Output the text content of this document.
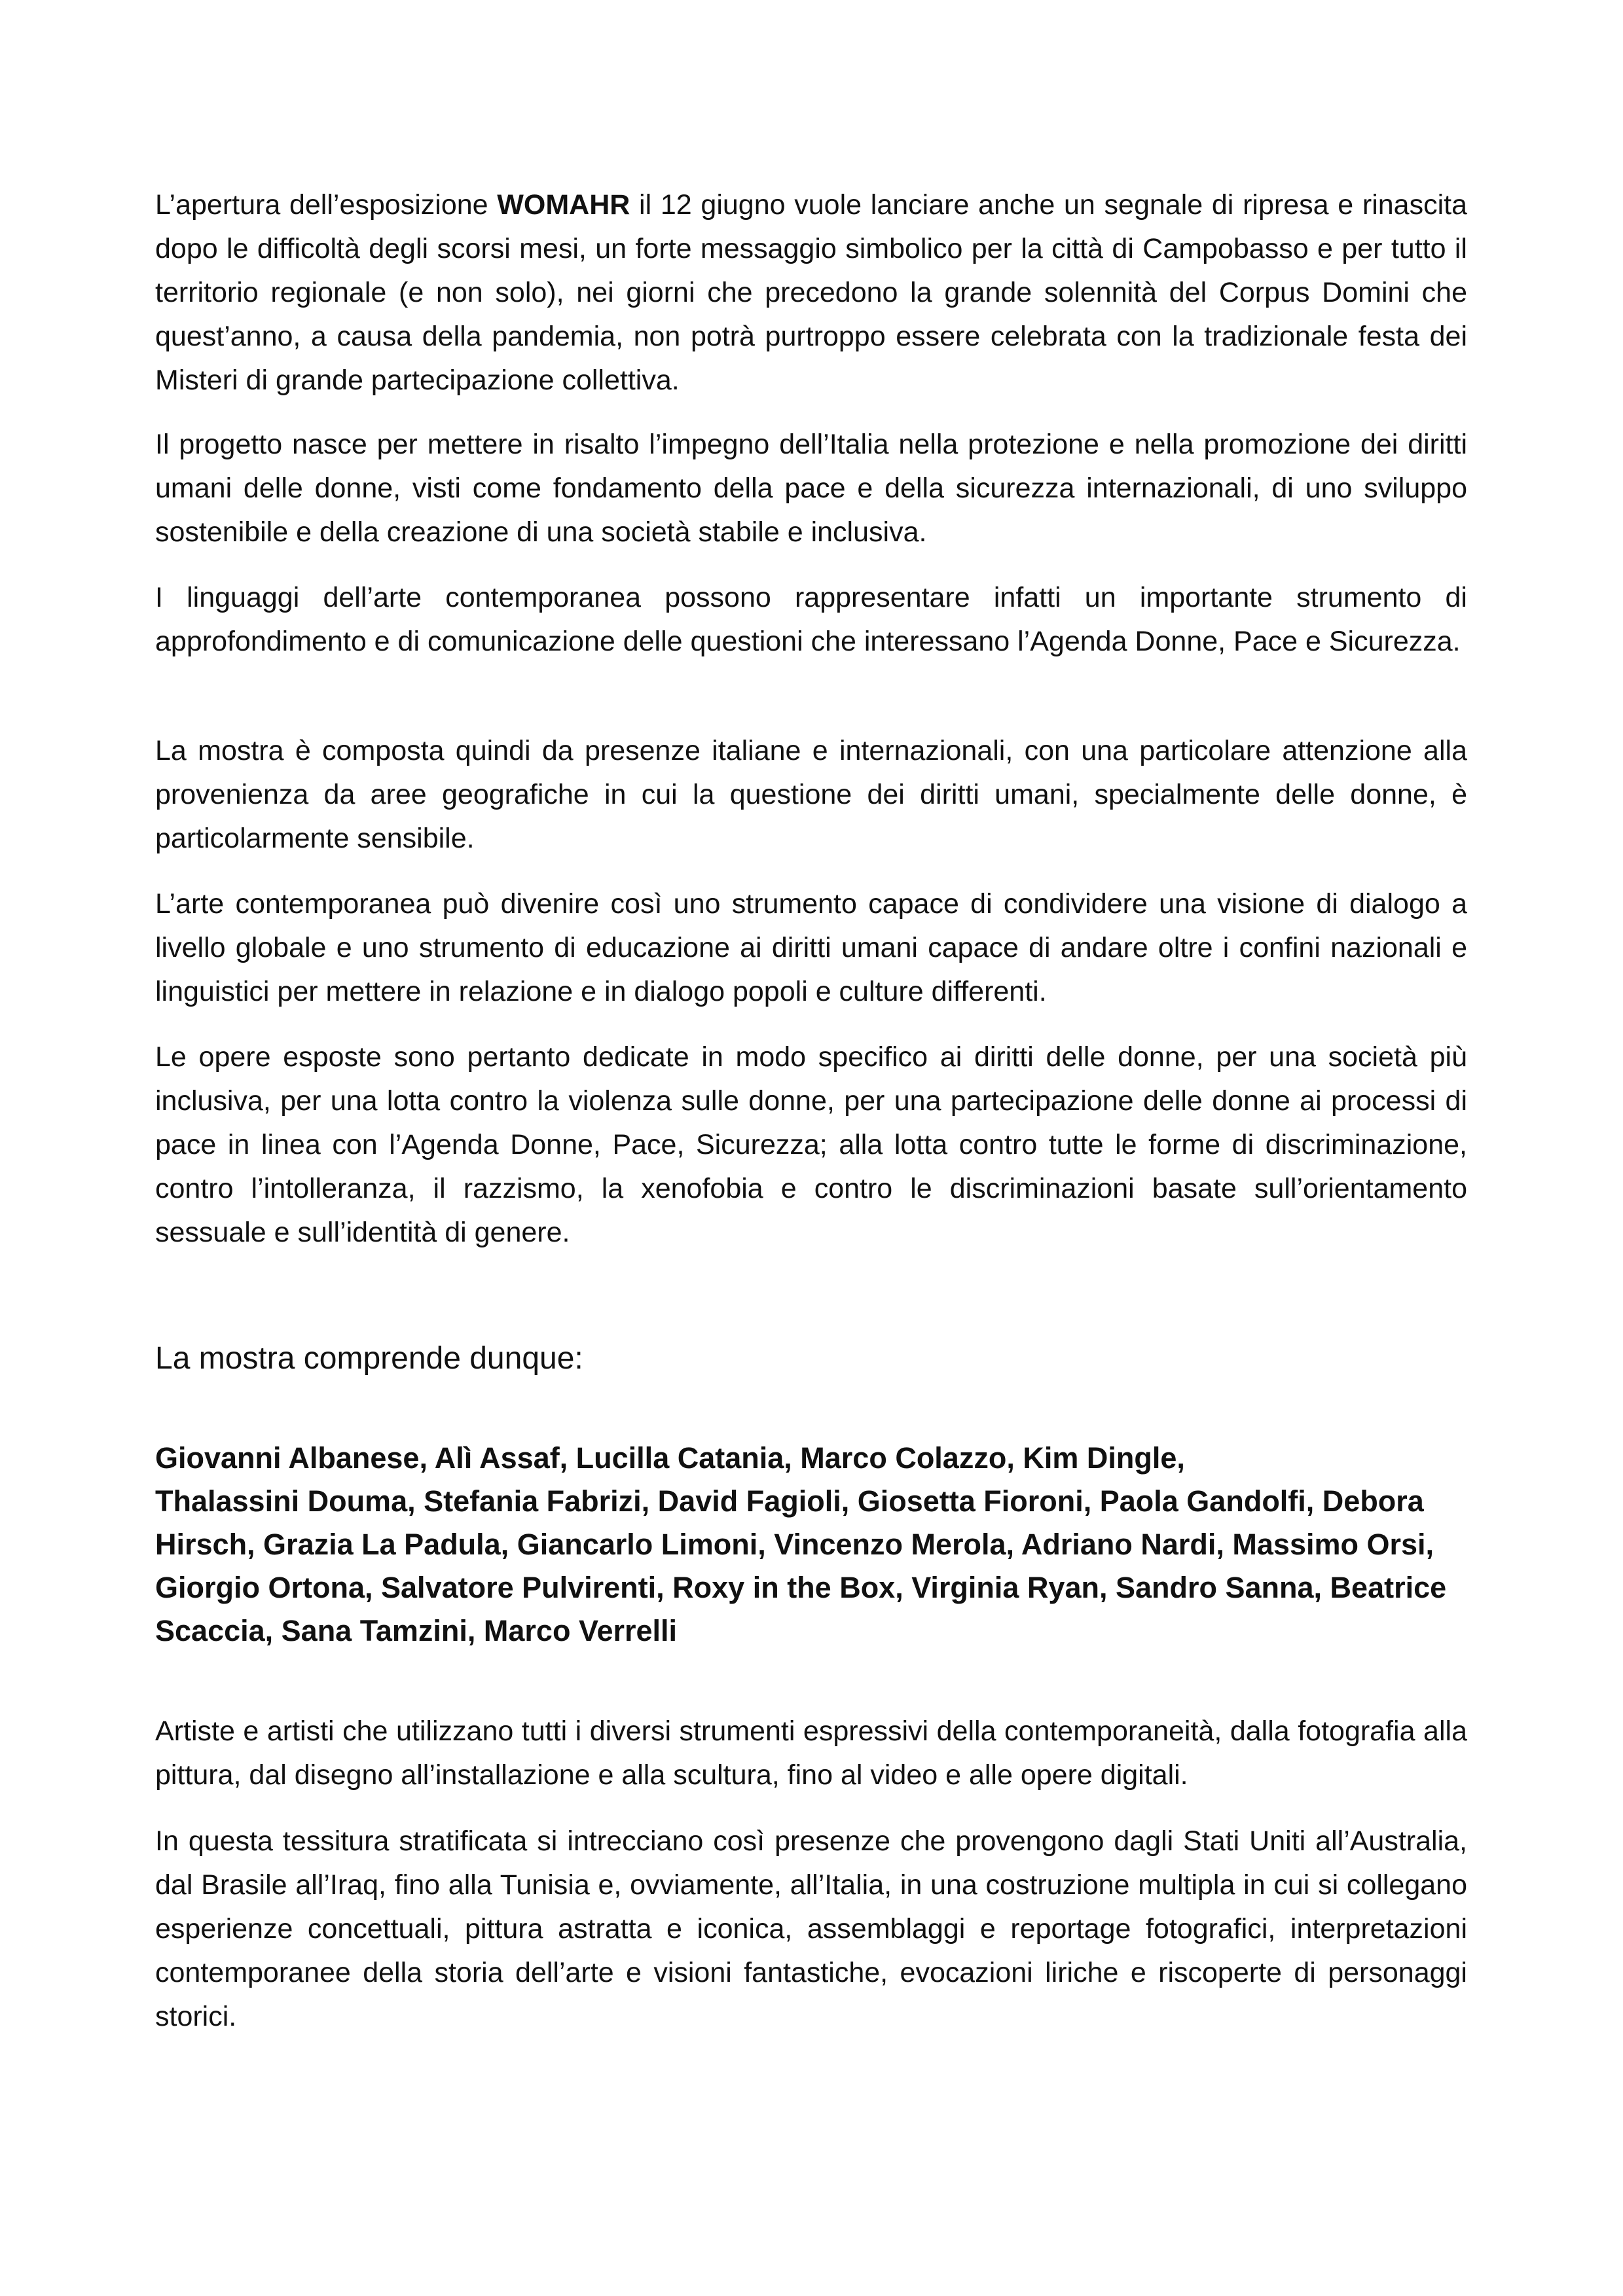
L’apertura dell’esposizione WOMAHR il 12 giugno vuole lanciare anche un segnale di ripresa e rinascita dopo le difficoltà degli scorsi mesi, un forte messaggio simbolico per la città di Campobasso e per tutto il territorio regionale (e non solo), nei giorni che precedono la grande solennità del Corpus Domini che quest’anno, a causa della pandemia, non potrà purtroppo essere celebrata con la tradizionale festa dei Misteri di grande partecipazione collettiva.

Il progetto nasce per mettere in risalto l’impegno dell’Italia nella protezione e nella promozione dei diritti umani delle donne, visti come fondamento della pace e della sicurezza internazionali, di uno sviluppo sostenibile e della creazione di una società stabile e inclusiva.

I linguaggi dell’arte contemporanea possono rappresentare infatti un importante strumento di approfondimento e di comunicazione delle questioni che interessano l’Agenda Donne, Pace e Sicurezza.

La mostra è composta quindi da presenze italiane e internazionali, con una particolare attenzione alla provenienza da aree geografiche in cui la questione dei diritti umani, specialmente delle donne, è particolarmente sensibile.

L’arte contemporanea può divenire così uno strumento capace di condividere una visione di dialogo a livello globale e uno strumento di educazione ai diritti umani capace di andare oltre i confini nazionali e linguistici per mettere in relazione e in dialogo popoli e culture differenti.

Le opere esposte sono pertanto dedicate in modo specifico ai diritti delle donne, per una società più inclusiva, per una lotta contro la violenza sulle donne, per una partecipazione delle donne ai processi di pace in linea con l’Agenda Donne, Pace, Sicurezza; alla lotta contro tutte le forme di discriminazione, contro l’intolleranza, il razzismo, la xenofobia e contro le discriminazioni basate sull’orientamento sessuale e sull’identità di genere.

La mostra comprende dunque:

Giovanni Albanese, Alì Assaf, Lucilla Catania, Marco Colazzo, Kim Dingle,
Thalassini Douma, Stefania Fabrizi, David Fagioli, Giosetta Fioroni, Paola Gandolfi, Debora Hirsch, Grazia La Padula, Giancarlo Limoni, Vincenzo Merola, Adriano Nardi, Massimo Orsi, Giorgio Ortona, Salvatore Pulvirenti, Roxy in the Box, Virginia Ryan, Sandro Sanna, Beatrice Scaccia, Sana Tamzini, Marco Verrelli

Artiste e artisti che utilizzano tutti i diversi strumenti espressivi della contemporaneità, dalla fotografia alla pittura, dal disegno all’installazione e alla scultura, fino al video e alle opere digitali.

In questa tessitura stratificata si intrecciano così presenze che provengono dagli Stati Uniti all’Australia, dal Brasile all’Iraq, fino alla Tunisia e, ovviamente, all’Italia, in una costruzione multipla in cui si collegano esperienze concettuali, pittura astratta e iconica, assemblaggi e reportage fotografici, interpretazioni contemporanee della storia dell’arte e visioni fantastiche, evocazioni liriche e riscoperte di personaggi storici.
